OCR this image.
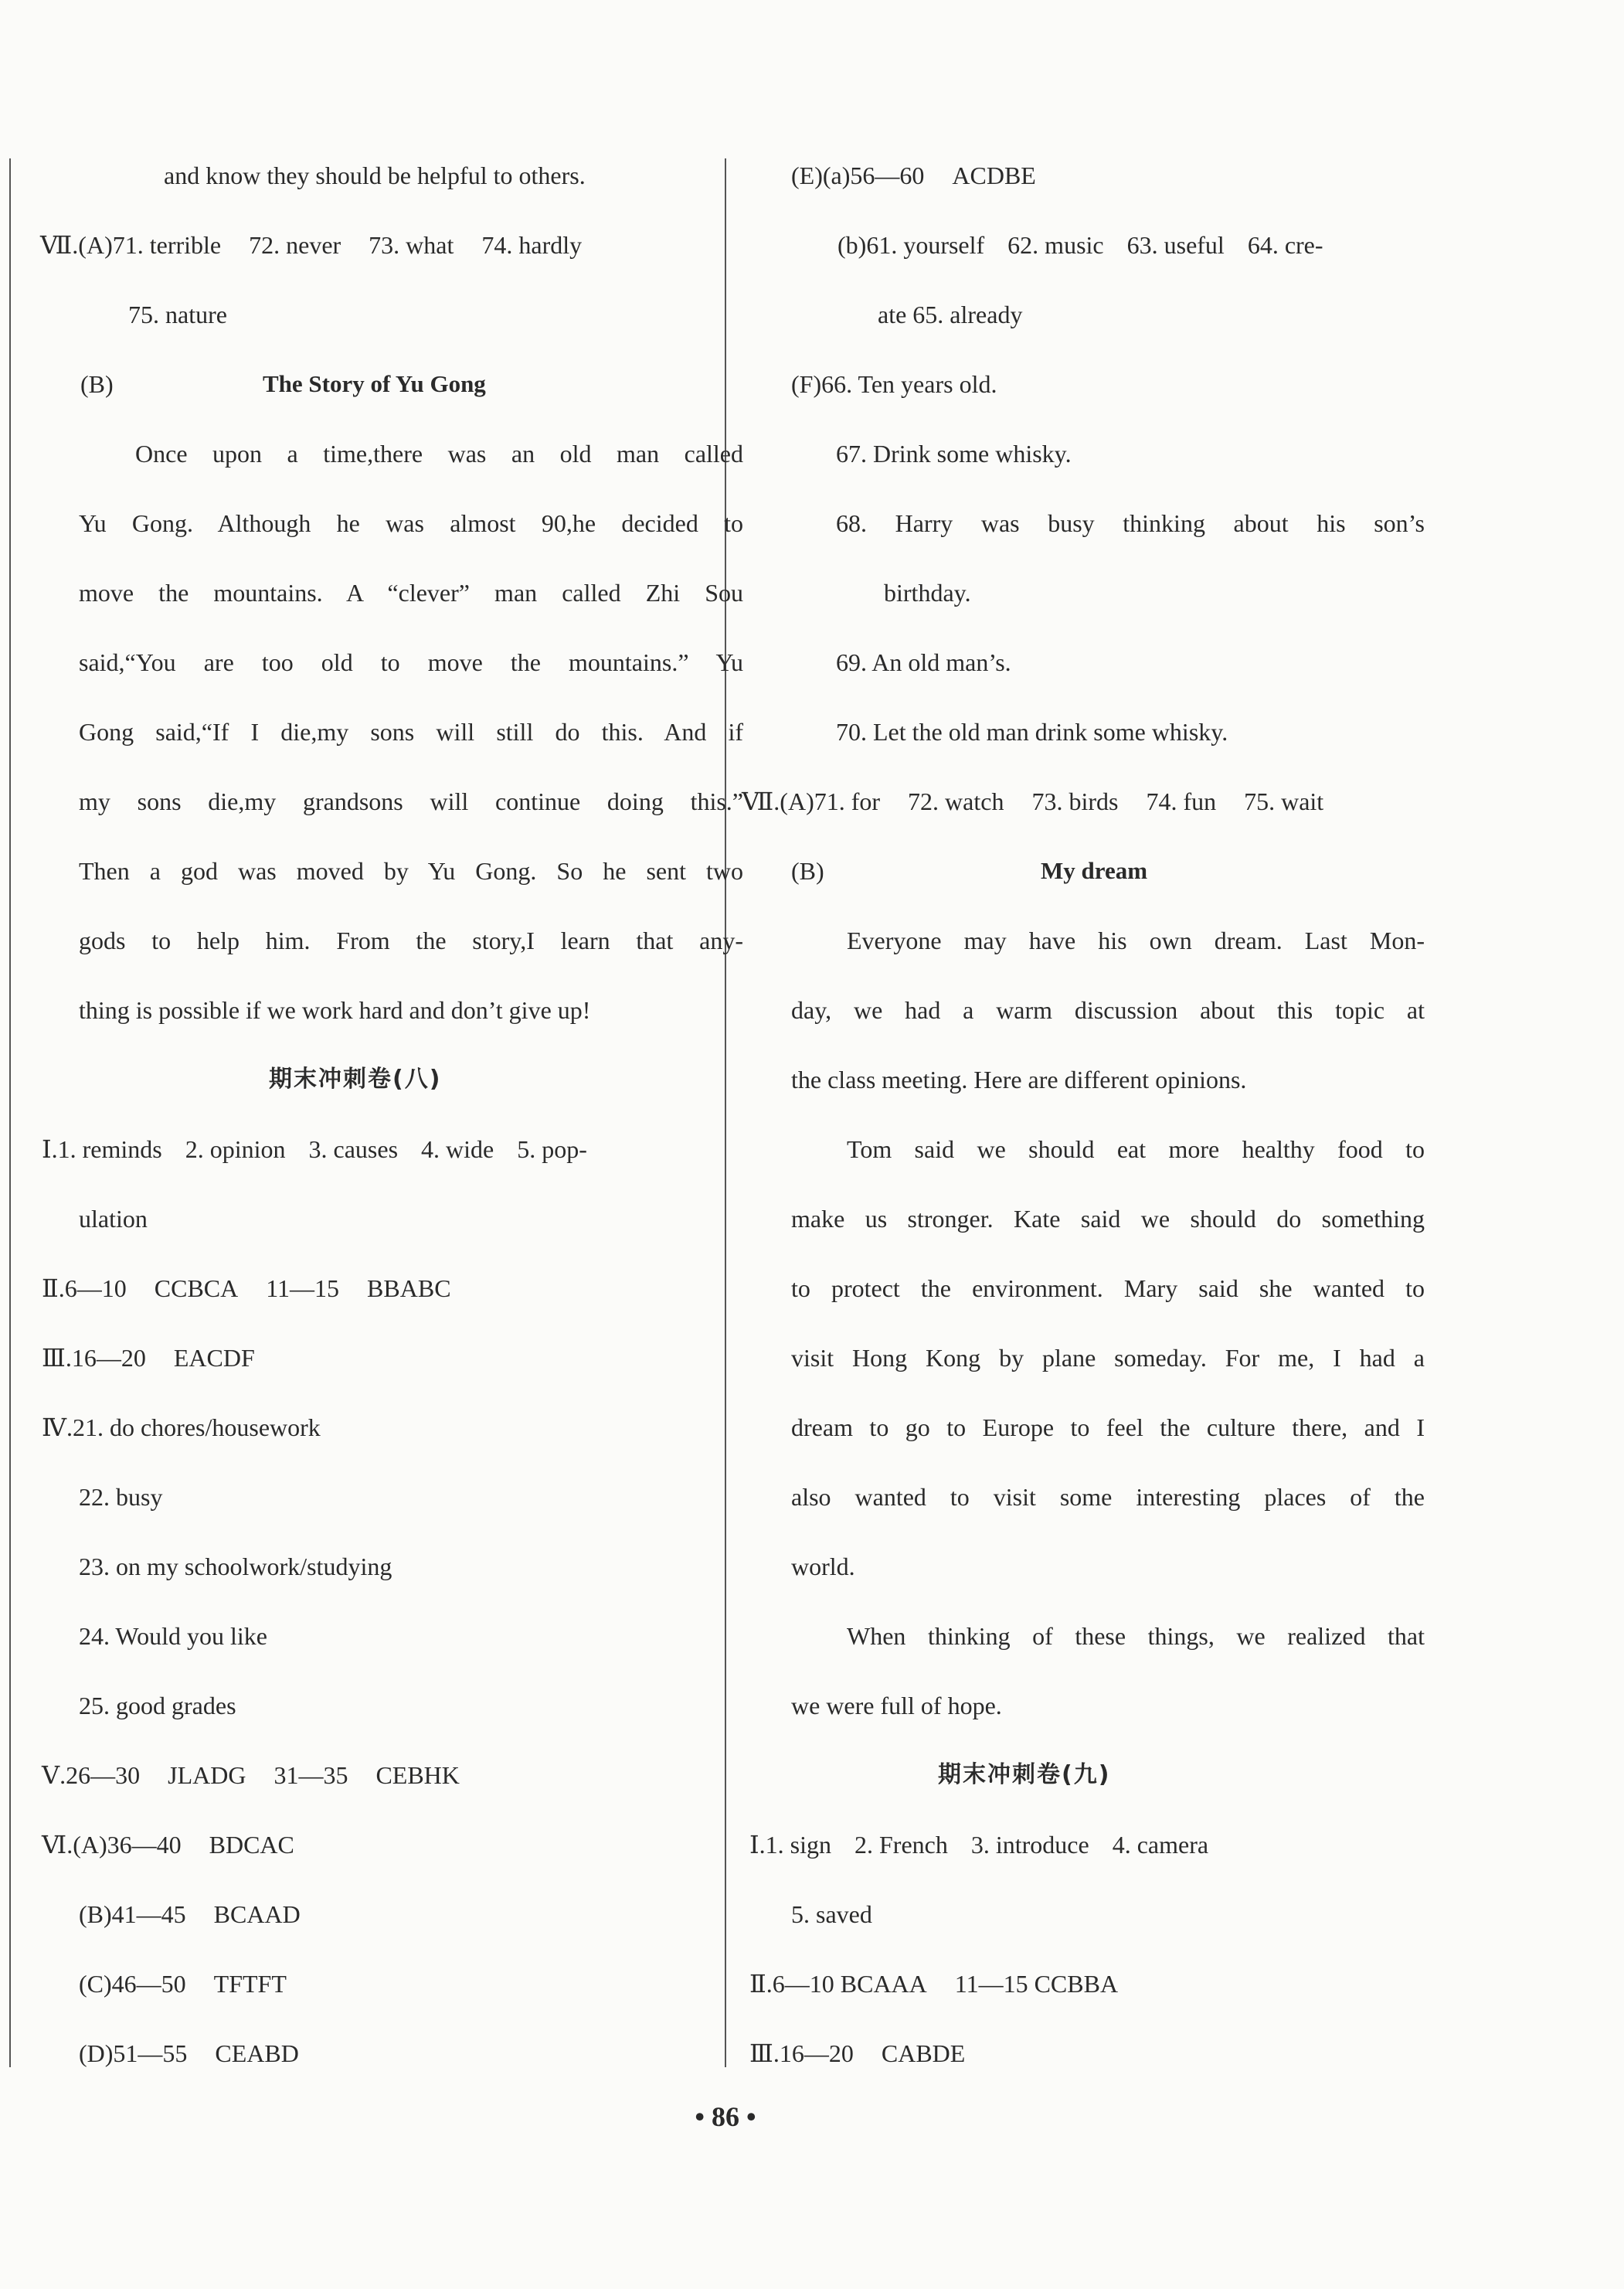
and know they should be helpful to others.
Ⅶ.(A)71. terrible 72. never 73. what 74. hardly
75. nature
(B)	The Story of Yu Gong
Once upon a time,there was an old man called
Yu Gong. Although he was almost 90,he decided to
move the mountains. A “clever” man called Zhi Sou
said,“You are too old to move the mountains.” Yu
Gong said,“If I die,my sons will still do this. And if
my sons die,my grandsons will continue doing this.”
Then a god was moved by Yu Gong. So he sent two
gods to help him. From the story,I learn that any-
thing is possible if we work hard and don’t give up!
期末冲刺卷(八)
Ⅰ.1. reminds 2. opinion 3. causes 4. wide 5. pop-
ulation
Ⅱ.6—10 CCBCA 11—15 BBABC
Ⅲ.16—20 EACDF
Ⅳ.21. do chores/housework
22. busy
23. on my schoolwork/studying
24. Would you like
25. good grades
Ⅴ.26—30 JLADG 31—35 CEBHK
Ⅵ.(A)36—40 BDCAC
(B)41—45 BCAAD
(C)46—50 TFTFT
(D)51—55 CEABD
(E)(a)56—60 ACDBE
(b)61. yourself 62. music 63. useful 64. cre-
ate 65. already
(F)66. Ten years old.
67. Drink some whisky.
68. Harry was busy thinking about his son’s
birthday.
69. An old man’s.
70. Let the old man drink some whisky.
Ⅶ.(A)71. for 72. watch 73. birds 74. fun 75. wait
(B)	My dream
Everyone may have his own dream. Last Mon-
day, we had a warm discussion about this topic at
the class meeting. Here are different opinions.
Tom said we should eat more healthy food to
make us stronger. Kate said we should do something
to protect the environment. Mary said she wanted to
visit Hong Kong by plane someday. For me, I had a
dream to go to Europe to feel the culture there, and I
also wanted to visit some interesting places of the
world.
When thinking of these things, we realized that
we were full of hope.
期末冲刺卷(九)
Ⅰ.1. sign 2. French 3. introduce 4. camera
5. saved
Ⅱ.6—10 BCAAA 11—15 CCBBA
Ⅲ.16—20 CABDE
• 86 •
